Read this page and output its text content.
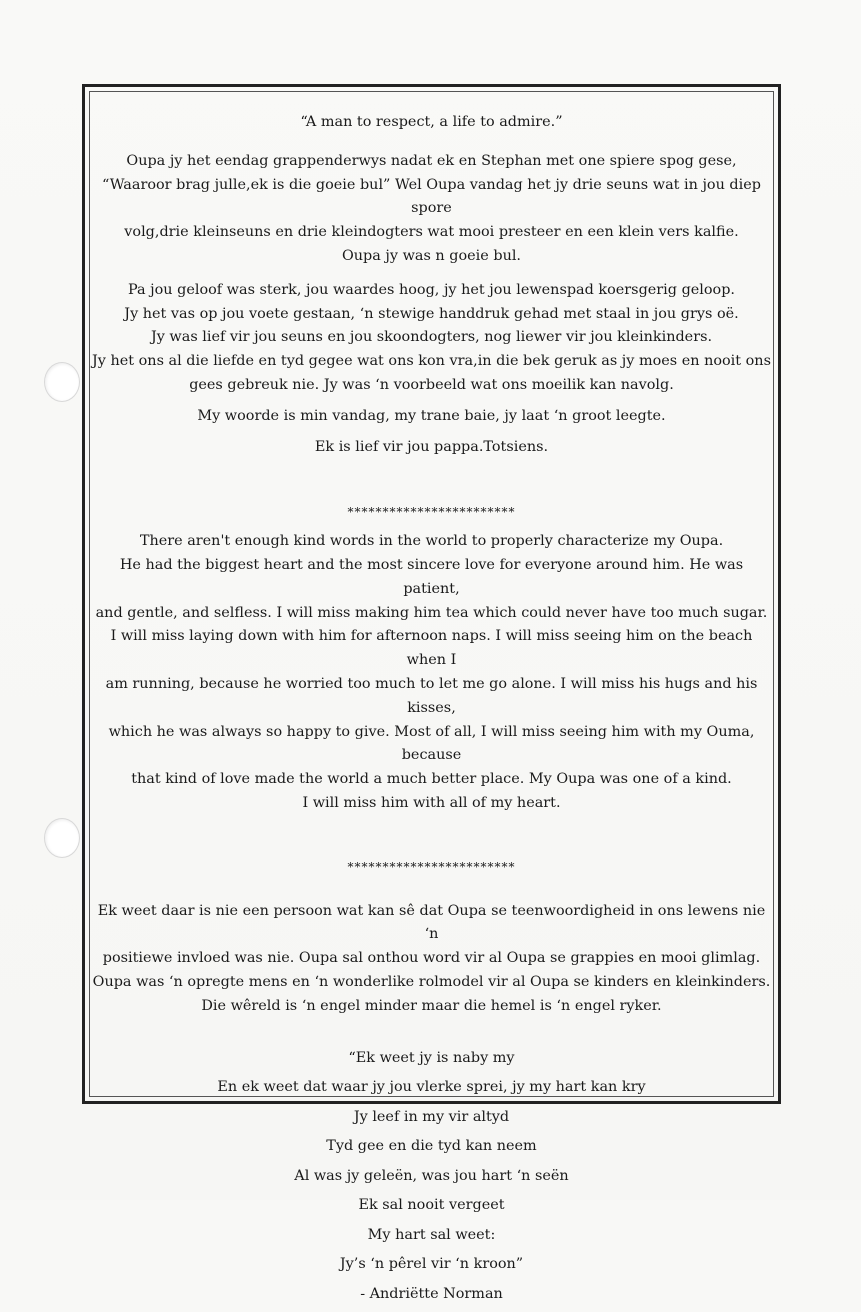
“A man to respect, a life to admire.”

Oupa jy het eendag grappenderwys nadat ek en Stephan met one spiere spog gese,
“Waaroor brag julle,ek is die goeie bul” Wel Oupa vandag het jy drie seuns wat in jou diep spore
volg,drie kleinseuns en drie kleindogters wat mooi presteer en een klein vers kalfie.

Oupa jy was n goeie bul.

Pa jou geloof was sterk, jou waardes hoog, jy het jou lewenspad koersgerig geloop.
Jy het vas op jou voete gestaan, ‘n stewige handdruk gehad met staal in jou grys oë.
Jy was lief vir jou seuns en jou skoondogters, nog liewer vir jou kleinkinders.
Jy het ons al die liefde en tyd gegee wat ons kon vra,in die bek geruk as jy moes en nooit ons
gees gebreuk nie. Jy was ‘n voorbeeld wat ons moeilik kan navolg.

My woorde is min vandag, my trane baie, jy laat ‘n groot leegte.

Ek is lief vir jou pappa.Totsiens.

************************

There aren't enough kind words in the world to properly characterize my Oupa.
He had the biggest heart and the most sincere love for everyone around him. He was patient,
and gentle, and selfless. I will miss making him tea which could never have too much sugar.
I will miss laying down with him for afternoon naps. I will miss seeing him on the beach when I
am running, because he worried too much to let me go alone. I will miss his hugs and his kisses,
which he was always so happy to give. Most of all, I will miss seeing him with my Ouma, because
that kind of love made the world a much better place. My Oupa was one of a kind.
I will miss him with all of my heart.

************************

Ek weet daar is nie een persoon wat kan sê dat Oupa se teenwoordigheid in ons lewens nie ‘n
positiewe invloed was nie. Oupa sal onthou word vir al Oupa se grappies en mooi glimlag.
Oupa was ‘n opregte mens en ‘n wonderlike rolmodel vir al Oupa se kinders en kleinkinders.
Die wêreld is ‘n engel minder maar die hemel is ‘n engel ryker.

“Ek weet jy is naby my

En ek weet dat waar jy jou vlerke sprei, jy my hart kan kry

Jy leef in my vir altyd

Tyd gee en die tyd kan neem

Al was jy geleën, was jou hart ‘n seën

Ek sal nooit vergeet

My hart sal weet:

Jy’s ‘n pêrel vir ‘n kroon”

- Andriëtte Norman
